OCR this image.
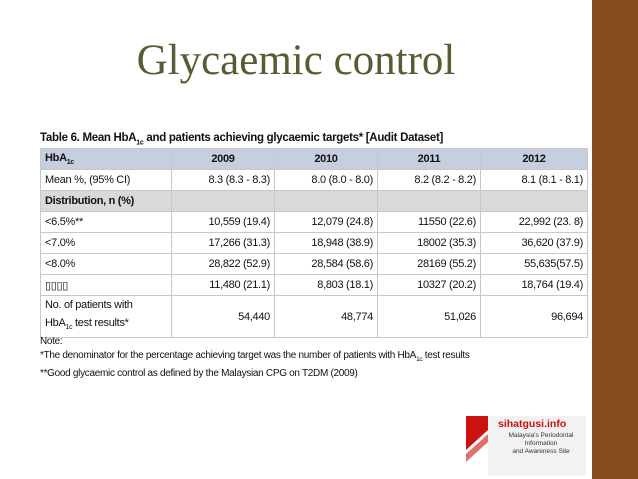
Glycaemic control
Table 6. Mean HbA$_{1c}$ and patients achieving glycaemic targets* [Audit Dataset]
HbA$_{1c}$	2009	2010	2011	2012
Mean %, (95% CI)	8.3 (8.3 - 8.3)	8.0 (8.0 - 8.0)	8.2 (8.2 - 8.2)	8.1 (8.1 - 8.1)
Distribution, n (%)				
<6.5%**	10,559 (19.4)	12,079 (24.8)	11550 (22.6)	22,992 (23. 8)
<7.0%	17,266 (31.3)	18,948 (38.9)	18002 (35.3)	36,620 (37.9)
<8.0%	28,822 (52.9)	28,584 (58.6)	28169 (55.2)	55,635(57.5)
▯▯▯▯	11,480 (21.1)	8,803 (18.1)	10327 (20.2)	18,764 (19.4)
No. of patients with
HbA$_{1c}$ test results*	54,440	48,774	51,026	96,694
Note:
*The denominator for the percentage achieving target was the number of patients with HbA$_{1c}$ test results
**Good glycaemic control as defined by the Malaysian CPG on T2DM (2009)
sihatgusi.info
Malaysia's Periodontal
Information
and Awareness Site
